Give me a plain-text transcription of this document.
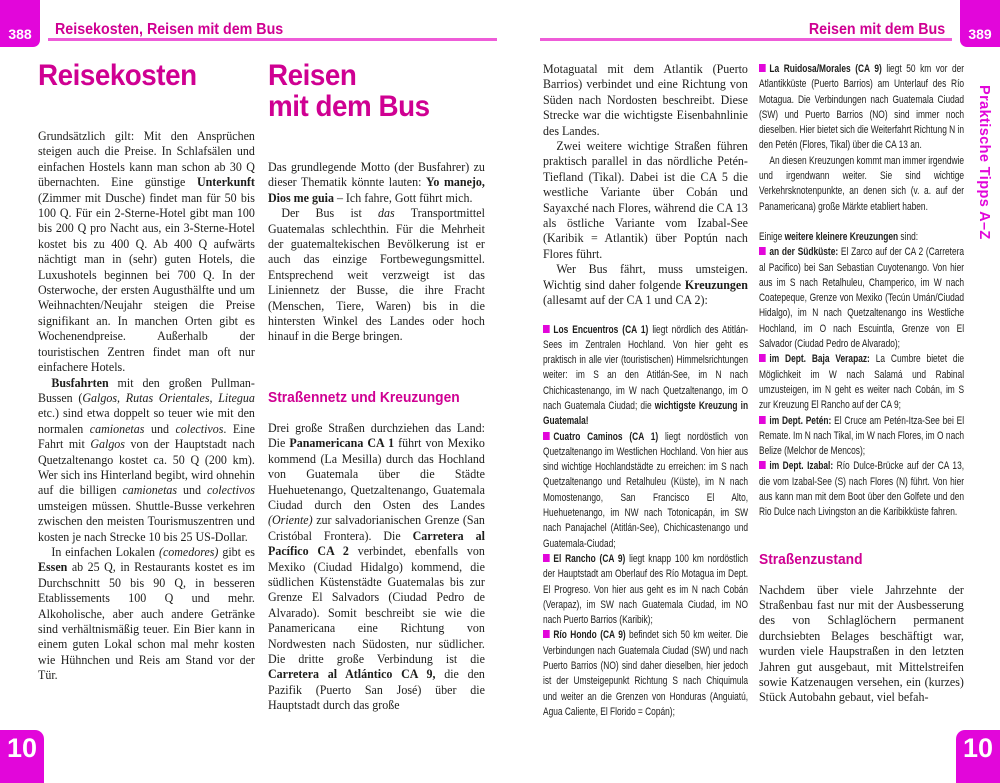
388 Reisekosten, Reisen mit dem Bus	Reisen mit dem Bus 389
Praktische Tipps A–Z
Reisekosten

Grundsätzlich gilt: Mit den Ansprüchen steigen auch die Preise. In Schlafsälen und einfachen Hostels kann man schon ab 30 Q übernachten. Eine günstige Unterkunft (Zimmer mit Dusche) findet man für 50 bis 100 Q. Für ein 2-Sterne-Hotel gibt man 100 bis 200 Q pro Nacht aus, ein 3-Sterne-Hotel kostet bis zu 400 Q. Ab 400 Q aufwärts nächtigt man in (sehr) guten Hotels, die Luxushotels beginnen bei 700 Q. In der Osterwoche, der ersten Augusthälfte und um Weihnachten/Neujahr steigen die Preise signifikant an. In manchen Orten gibt es Wochenendpreise. Außerhalb der touristischen Zentren findet man oft nur einfachere Hotels.

Busfahrten mit den großen Pullman-Bussen (Galgos, Rutas Orientales, Litegua etc.) sind etwa doppelt so teuer wie mit den normalen camionetas und colectivos. Eine Fahrt mit Galgos von der Hauptstadt nach Quetzaltenango kostet ca. 50 Q (200 km). Wer sich ins Hinterland begibt, wird ohnehin auf die billigen camionetas und colectivos umsteigen müssen. Shuttle-Busse verkehren zwischen den meisten Tourismuszentren und kosten je nach Strecke 10 bis 25 US-Dollar.

In einfachen Lokalen (comedores) gibt es Essen ab 25 Q, in Restaurants kostet es im Durchschnitt 50 bis 90 Q, in besseren Etablissements 100 Q und mehr. Alkoholische, aber auch andere Getränke sind verhältnismäßig teuer. Ein Bier kann in einem guten Lokal schon mal mehr kosten wie Hühnchen und Reis am Stand vor der Tür.

Reisen
mit dem Bus

Das grundlegende Motto (der Busfahrer) zu dieser Thematik könnte lauten: Yo manejo, Dios me guia – Ich fahre, Gott führt mich.

Der Bus ist das Transportmittel Guatemalas schlechthin. Für die Mehrheit der guatemaltekischen Bevölkerung ist er auch das einzige Fortbewegungsmittel. Entsprechend weit verzweigt ist das Liniennetz der Busse, die ihre Fracht (Menschen, Tiere, Waren) bis in die hintersten Winkel des Landes oder hoch hinauf in die Berge bringen.

Straßennetz und Kreuzungen

Drei große Straßen durchziehen das Land: Die Panamericana CA 1 führt von Mexiko kommend (La Mesilla) durch das Hochland von Guatemala über die Städte Huehuetenango, Quetzaltenango, Guatemala Ciudad durch den Osten des Landes (Oriente) zur salvadorianischen Grenze (San Cristóbal Frontera). Die Carretera al Pacífico CA 2 verbindet, ebenfalls von Mexiko (Ciudad Hidalgo) kommend, die südlichen Küstenstädte Guatemalas bis zur Grenze El Salvadors (Ciudad Pedro de Alvarado). Somit beschreibt sie wie die Panamericana eine Richtung von Nordwesten nach Südosten, nur südlicher. Die dritte große Verbindung ist die Carretera al Atlántico CA 9, die den Pazifik (Puerto San José) über die Hauptstadt durch das große

Motaguatal mit dem Atlantik (Puerto Barrios) verbindet und eine Richtung von Süden nach Nordosten beschreibt. Diese Strecke war die wichtigste Eisenbahnlinie des Landes.

Zwei weitere wichtige Straßen führen praktisch parallel in das nördliche Petén-Tiefland (Tikal). Dabei ist die CA 5 die westliche Variante über Cobán und Sayaxché nach Flores, während die CA 13 als östliche Variante vom Izabal-See (Karibik = Atlantik) über Poptún nach Flores führt.

Wer Bus fährt, muss umsteigen. Wichtig sind daher folgende Kreuzungen (allesamt auf der CA 1 und CA 2):

Los Encuentros (CA 1) liegt nördlich des Atitlán-Sees im Zentralen Hochland. Von hier geht es praktisch in alle vier (touristischen) Himmelsrichtungen weiter: im S an den Atitlán-See, im N nach Chichicastenango, im W nach Quetzaltenango, im O nach Guatemala Ciudad; die wichtigste Kreuzung in Guatemala!

Cuatro Caminos (CA 1) liegt nordöstlich von Quetzaltenango im Westlichen Hochland. Von hier aus sind wichtige Hochlandstädte zu erreichen: im S nach Quetzaltenango und Retalhuleu (Küste), im N nach Momostenango, San Francisco El Alto, Huehuetenango, im NW nach Totonicapán, im SW nach Panajachel (Atitlán-See), Chichicastenango und Guatemala-Ciudad;

El Rancho (CA 9) liegt knapp 100 km nordöstlich der Hauptstadt am Oberlauf des Río Motagua im Dept. El Progreso. Von hier aus geht es im N nach Cobán (Verapaz), im SW nach Guatemala Ciudad, im NO nach Puerto Barrios (Karibik);

Río Hondo (CA 9) befindet sich 50 km weiter. Die Verbindungen nach Guatemala Ciudad (SW) und nach Puerto Barrios (NO) sind daher dieselben, hier jedoch ist der Umsteigepunkt Richtung S nach Chiquimula und weiter an die Grenzen von Honduras (Anguiatú, Agua Caliente, El Florido = Copán);

La Ruidosa/Morales (CA 9) liegt 50 km vor der Atlantikküste (Puerto Barrios) am Unterlauf des Río Motagua. Die Verbindungen nach Guatemala Ciudad (SW) und Puerto Barrios (NO) sind immer noch dieselben. Hier bietet sich die Weiterfahrt Richtung N in den Petén (Flores, Tikal) über die CA 13 an.

An diesen Kreuzungen kommt man immer irgendwie und irgendwann weiter. Sie sind wichtige Verkehrsknotenpunkte, an denen sich (v. a. auf der Panamericana) große Märkte etabliert haben.

Einige weitere kleinere Kreuzungen sind:

an der Südküste: El Zarco auf der CA 2 (Carretera al Pacifico) bei San Sebastian Cuyotenango. Von hier aus im S nach Retalhuleu, Champerico, im W nach Coatepeque, Grenze von Mexiko (Tecún Umán/Ciudad Hidalgo), im N nach Quetzaltenango ins Westliche Hochland, im O nach Escuintla, Grenze von El Salvador (Ciudad Pedro de Alvarado);

im Dept. Baja Verapaz: La Cumbre bietet die Möglichkeit im W nach Salamá und Rabinal umzusteigen, im N geht es weiter nach Cobán, im S zur Kreuzung El Rancho auf der CA 9;

im Dept. Petén: El Cruce am Petén-Itza-See bei El Remate. Im N nach Tikal, im W nach Flores, im O nach Belize (Melchor de Mencos);

im Dept. Izabal: Río Dulce-Brücke auf der CA 13, die vom Izabal-See (S) nach Flores (N) führt. Von hier aus kann man mit dem Boot über den Golfete und den Rio Dulce nach Livingston an die Karibikküste fahren.

Straßenzustand

Nachdem über viele Jahrzehnte der Straßenbau fast nur mit der Ausbesserung des von Schlaglöchern permanent durchsiebten Belages beschäftigt war, wurden viele Haupstraßen in den letzten Jahren gut ausgebaut, mit Mittelstreifen sowie Katzenaugen versehen, ein (kurzes) Stück Autobahn gebaut, viel befah-

10	10
